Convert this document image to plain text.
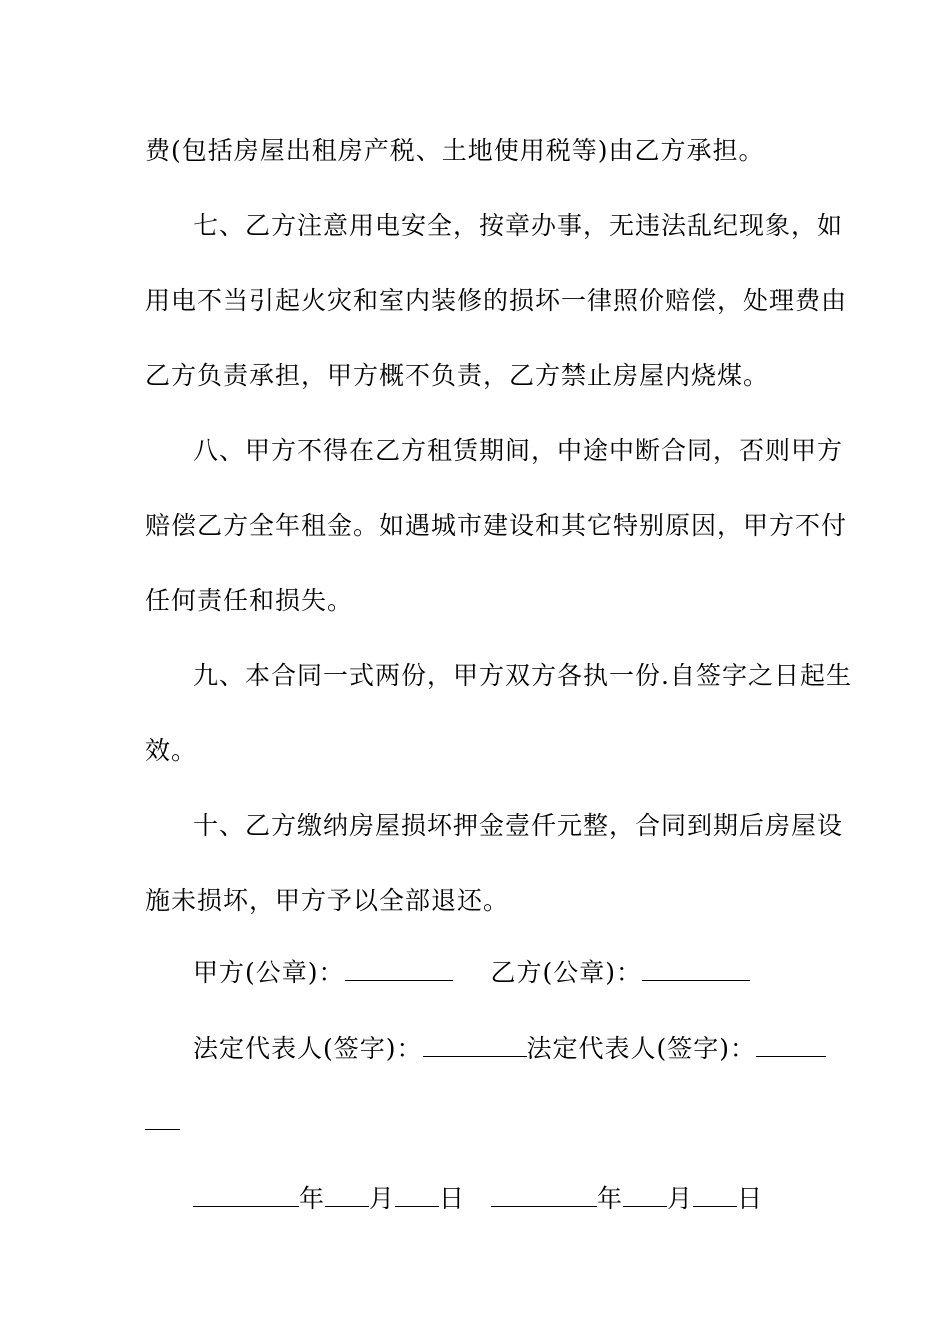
费(包括房屋出租房产税、土地使用税等)由乙方承担。
七、乙方注意用电安全，按章办事，无违法乱纪现象，如
用电不当引起火灾和室内装修的损坏一律照价赔偿，处理费由
乙方负责承担，甲方概不负责，乙方禁止房屋内烧煤。
八、甲方不得在乙方租赁期间，中途中断合同，否则甲方
赔偿乙方全年租金。如遇城市建设和其它特别原因，甲方不付
任何责任和损失。
九、本合同一式两份，甲方双方各执一份.自签字之日起生
效。
十、乙方缴纳房屋损坏押金壹仟元整，合同到期后房屋设
施未损坏，甲方予以全部退还。
甲方(公章)：	乙方(公章)：
法定代表人(签字)：	法定代表人(签字)：
年 月 日	年 月 日
